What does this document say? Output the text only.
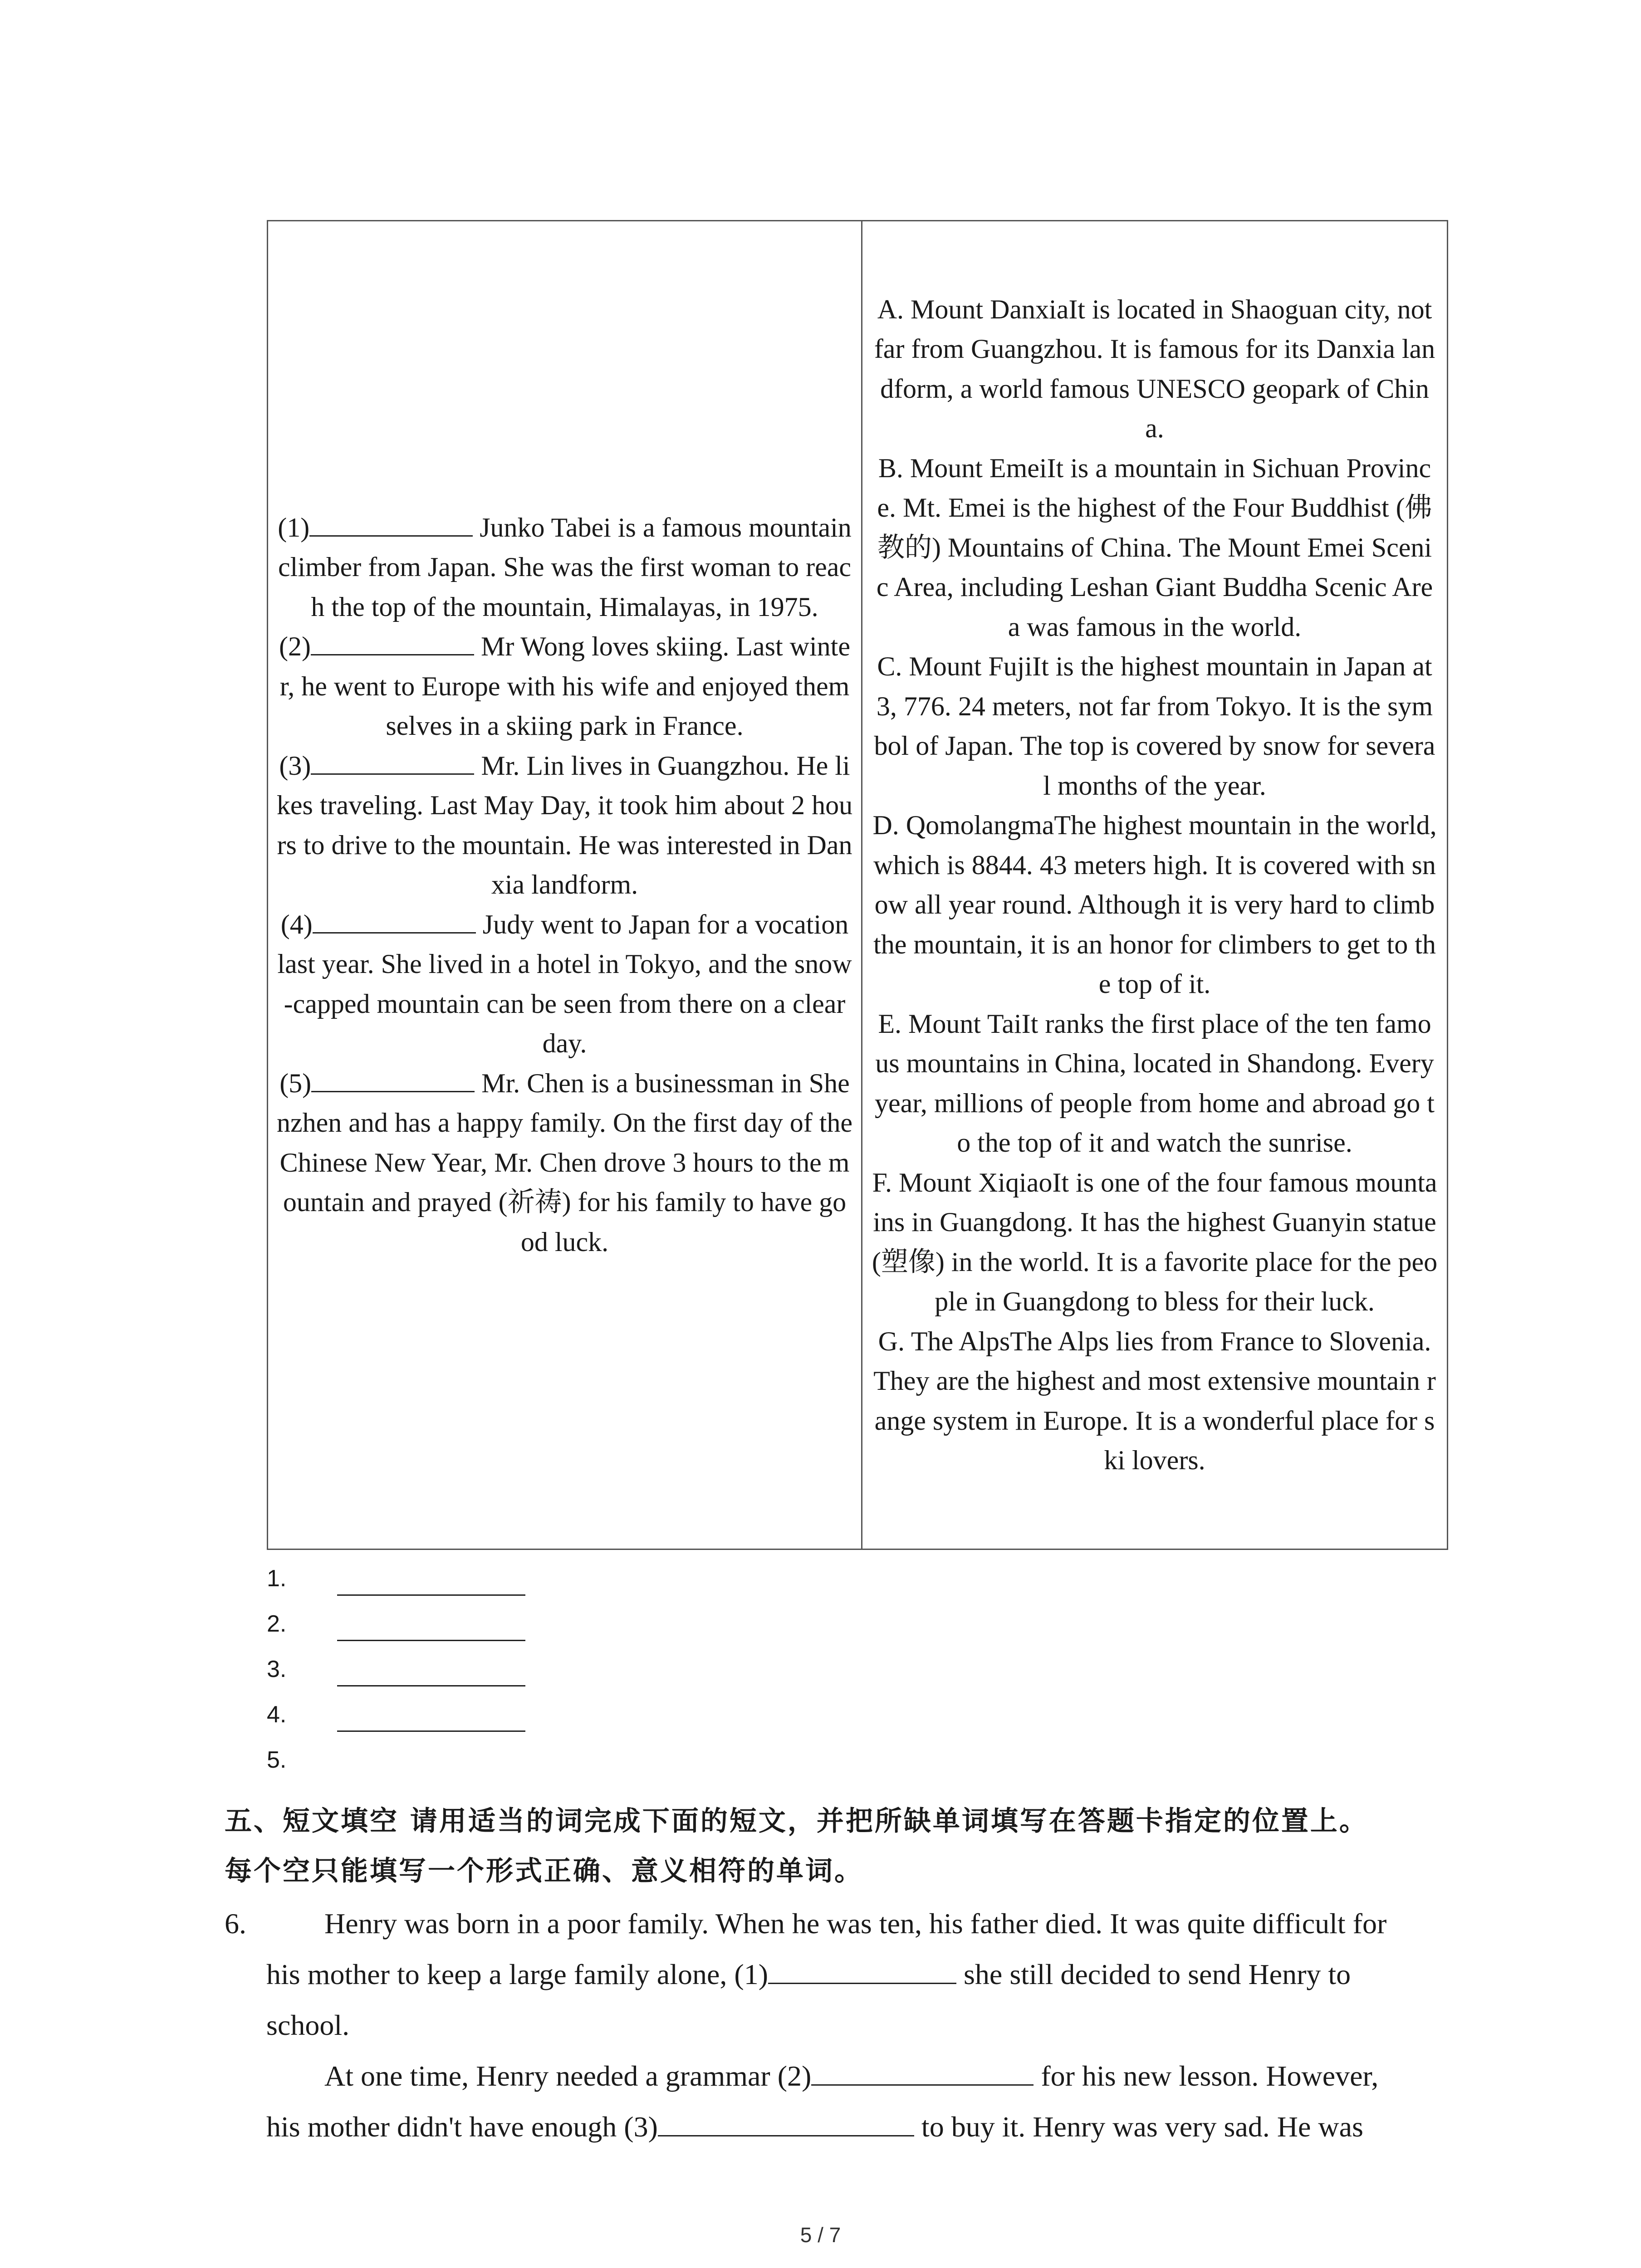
(1)	Junko Tabei is a famous mountain climber from Japan. She was the first woman to reach the top of the mountain, Himalayas, in 1975.
(2)	Mr Wong loves skiing. Last winter, he went to Europe with his wife and enjoyed themselves in a skiing park in France.
(3)	Mr. Lin lives in Guangzhou. He likes traveling. Last May Day, it took him about 2 hours to drive to the mountain. He was interested in Danxia landform.
(4)	Judy went to Japan for a vocation last year. She lived in a hotel in Tokyo, and the snow-capped mountain can be seen from there on a clear day.
(5)	Mr. Chen is a businessman in Shenzhen and has a happy family. On the first day of the Chinese New Year, Mr. Chen drove 3 hours to the mountain and prayed (祈祷) for his family to have good luck.
A. Mount DanxiaIt is located in Shaoguan city, not far from Guangzhou. It is famous for its Danxia landform, a world famous UNESCO geopark of China.
B. Mount EmeiIt is a mountain in Sichuan Province. Mt. Emei is the highest of the Four Buddhist (佛教的) Mountains of China. The Mount Emei Scenic Area, including Leshan Giant Buddha Scenic Area was famous in the world.
C. Mount FujiIt is the highest mountain in Japan at 3, 776. 24 meters, not far from Tokyo. It is the symbol of Japan. The top is covered by snow for several months of the year.
D. QomolangmaThe highest mountain in the world, which is 8844. 43 meters high. It is covered with snow all year round. Although it is very hard to climb the mountain, it is an honor for climbers to get to the top of it.
E. Mount TaiIt ranks the first place of the ten famous mountains in China, located in Shandong. Every year, millions of people from home and abroad go to the top of it and watch the sunrise.
F. Mount XiqiaoIt is one of the four famous mountains in Guangdong. It has the highest Guanyin statue (塑像) in the world. It is a favorite place for the people in Guangdong to bless for their luck.
G. The AlpsThe Alps lies from France to Slovenia. They are the highest and most extensive mountain range system in Europe. It is a wonderful place for ski lovers.
1.
2.
3.
4.
5.
五、短文填空 请用适当的词完成下面的短文，并把所缺单词填写在答题卡指定的位置上。
每个空只能填写一个形式正确、意义相符的单词。
6.	Henry was born in a poor family. When he was ten, his father died. It was quite difficult for
his mother to keep a large family alone, (1)	she still decided to send Henry to
school.
At one time, Henry needed a grammar (2)	for his new lesson. However,
his mother didn't have enough (3)	to buy it. Henry was very sad. He was
5 / 7
